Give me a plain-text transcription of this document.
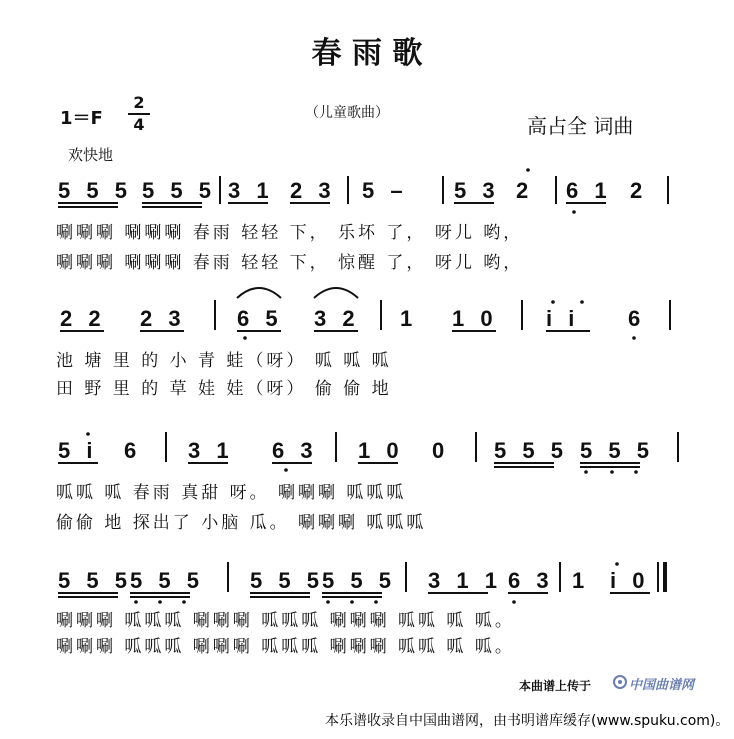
春 雨 歌
1＝F
2
4
（儿童歌曲）
高占全 词曲
欢快地
5 5 5 5 5 5 3 1 2 3 5 – 5 3 2 6 1 2
唰唰唰 唰唰唰 春雨 轻轻 下， 乐坏 了， 呀儿 哟，
唰唰唰 唰唰唰 春雨 轻轻 下， 惊醒 了， 呀儿 哟，
2 2 2 3 6 5 3 2 1 1 0 i i 6
池 塘 里 的 小 青 蛙（呀） 呱 呱 呱
田 野 里 的 草 娃 娃（呀） 偷 偷 地
5 i 6 3 1 6 3 1 0 0 5 5 5 5 5 5
呱呱 呱 春雨 真甜 呀。 唰唰唰 呱呱呱
偷偷 地 探出了 小脑 瓜。 唰唰唰 呱呱呱
5 5 5
5 5 5 5 5 5
5 5 5 3 1 1 6 3 1 i 0
唰唰唰 呱呱呱 唰唰唰 呱呱呱 唰唰唰 呱呱 呱 呱。
唰唰唰 呱呱呱 唰唰唰 呱呱呱 唰唰唰 呱呱 呱 呱。
本曲谱上传于	中国曲谱网
本乐谱收录自中国曲谱网，由书明谱库缓存(www.spuku.com)。
